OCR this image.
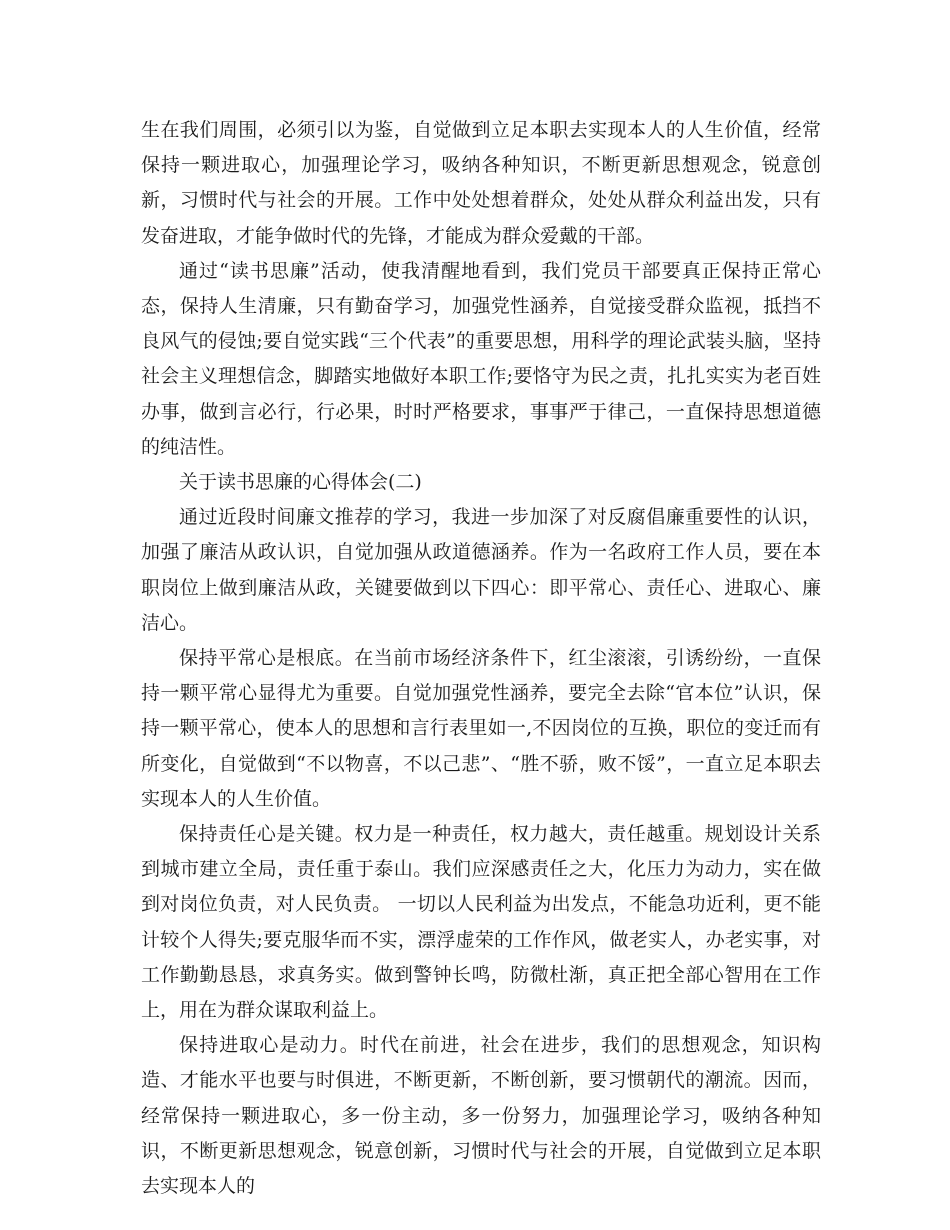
生在我们周围，必须引以为鉴，自觉做到立足本职去实现本人的人生价值，经常保持一颗进取心，加强理论学习，吸纳各种知识，不断更新思想观念，锐意创新，习惯时代与社会的开展。工作中处处想着群众，处处从群众利益出发，只有发奋进取，才能争做时代的先锋，才能成为群众爱戴的干部。

通过“读书思廉”活动，使我清醒地看到，我们党员干部要真正保持正常心态，保持人生清廉，只有勤奋学习，加强党性涵养，自觉接受群众监视，抵挡不良风气的侵蚀;要自觉实践“三个代表”的重要思想，用科学的理论武装头脑，坚持社会主义理想信念，脚踏实地做好本职工作;要恪守为民之责，扎扎实实为老百姓办事，做到言必行，行必果，时时严格要求，事事严于律己，一直保持思想道德的纯洁性。

关于读书思廉的心得体会(二)

通过近段时间廉文推荐的学习，我进一步加深了对反腐倡廉重要性的认识，加强了廉洁从政认识，自觉加强从政道德涵养。作为一名政府工作人员，要在本职岗位上做到廉洁从政，关键要做到以下四心：即平常心、责任心、进取心、廉洁心。

保持平常心是根底。在当前市场经济条件下，红尘滚滚，引诱纷纷，一直保持一颗平常心显得尤为重要。自觉加强党性涵养，要完全去除“官本位”认识，保持一颗平常心，使本人的思想和言行表里如一,不因岗位的互换，职位的变迁而有所变化，自觉做到“不以物喜，不以己悲”、“胜不骄，败不馁”，一直立足本职去实现本人的人生价值。

保持责任心是关键。权力是一种责任，权力越大，责任越重。规划设计关系到城市建立全局，责任重于泰山。我们应深感责任之大，化压力为动力，实在做到对岗位负责，对人民负责。 一切以人民利益为出发点，不能急功近利，更不能计较个人得失;要克服华而不实，漂浮虚荣的工作作风，做老实人，办老实事，对工作勤勤恳恳，求真务实。做到警钟长鸣，防微杜渐，真正把全部心智用在工作上，用在为群众谋取利益上。

保持进取心是动力。时代在前进，社会在进步，我们的思想观念，知识构造、才能水平也要与时俱进，不断更新，不断创新，要习惯朝代的潮流。因而，经常保持一颗进取心，多一份主动，多一份努力，加强理论学习，吸纳各种知识，不断更新思想观念，锐意创新，习惯时代与社会的开展，自觉做到立足本职去实现本人的
